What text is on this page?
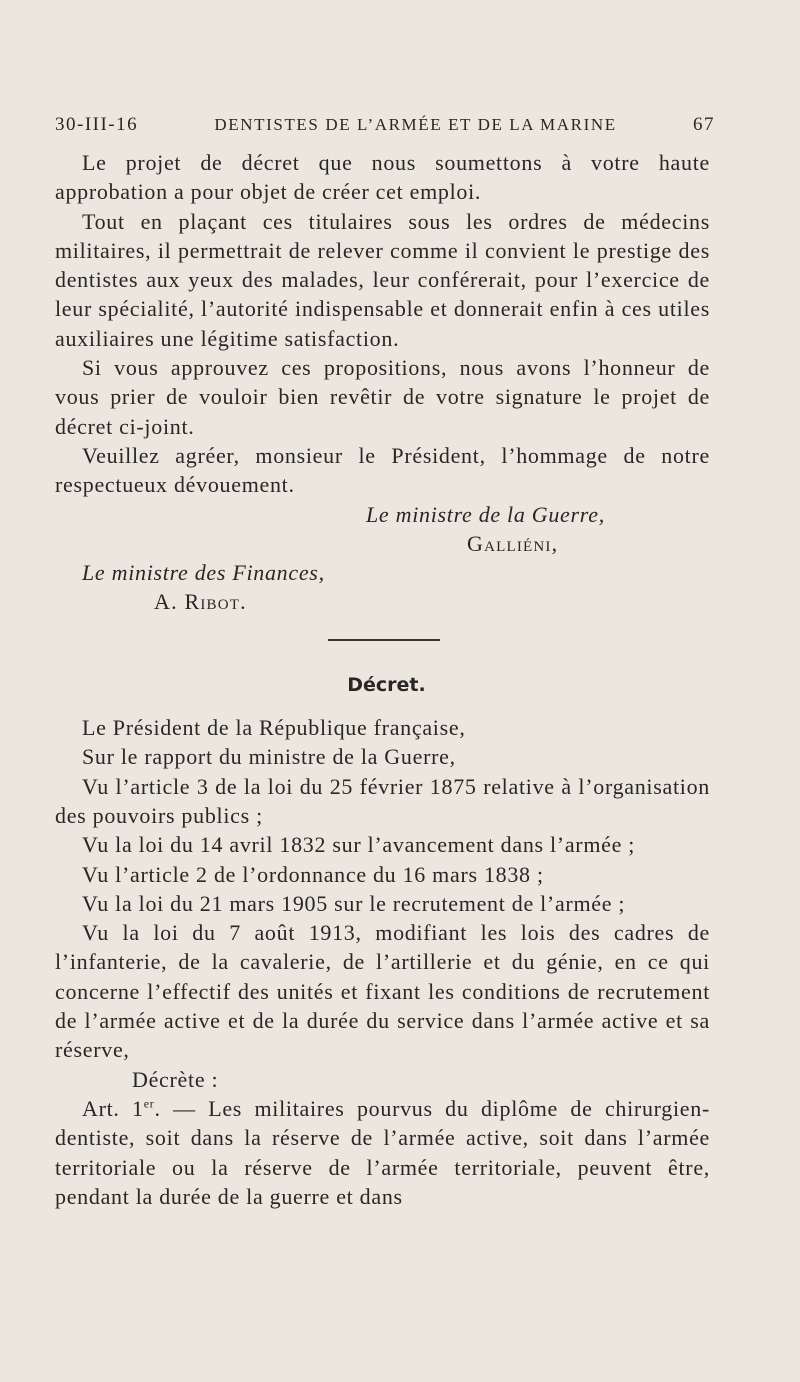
30-III-16	DENTISTES DE L’ARMÉE ET DE LA MARINE	67

Le projet de décret que nous soumettons à votre haute approbation a pour objet de créer cet emploi.

Tout en plaçant ces titulaires sous les ordres de médecins militaires, il permettrait de relever comme il convient le prestige des dentistes aux yeux des malades, leur conférerait, pour l’exercice de leur spécialité, l’autorité indispensable et donnerait enfin à ces utiles auxiliaires une légitime satisfaction.

Si vous approuvez ces propositions, nous avons l’honneur de vous prier de vouloir bien revêtir de votre signature le projet de décret ci-joint.

Veuillez agréer, monsieur le Président, l’hommage de notre respectueux dévouement.

Le ministre de la Guerre,
Galliéni,
Le ministre des Finances,
A. Ribot.
Décret.

Le Président de la République française,

Sur le rapport du ministre de la Guerre,

Vu l’article 3 de la loi du 25 février 1875 relative à l’organisation des pouvoirs publics ;

Vu la loi du 14 avril 1832 sur l’avancement dans l’armée ;

Vu l’article 2 de l’ordonnance du 16 mars 1838 ;

Vu la loi du 21 mars 1905 sur le recrutement de l’armée ;

Vu la loi du 7 août 1913, modifiant les lois des cadres de l’infanterie, de la cavalerie, de l’artillerie et du génie, en ce qui concerne l’effectif des unités et fixant les conditions de recrutement de l’armée active et de la durée du service dans l’armée active et sa réserve,

Décrète :

Art. 1er. — Les militaires pourvus du diplôme de chirurgien-dentiste, soit dans la réserve de l’armée active, soit dans l’armée territoriale ou la réserve de l’armée territoriale, peuvent être, pendant la durée de la guerre et dans
